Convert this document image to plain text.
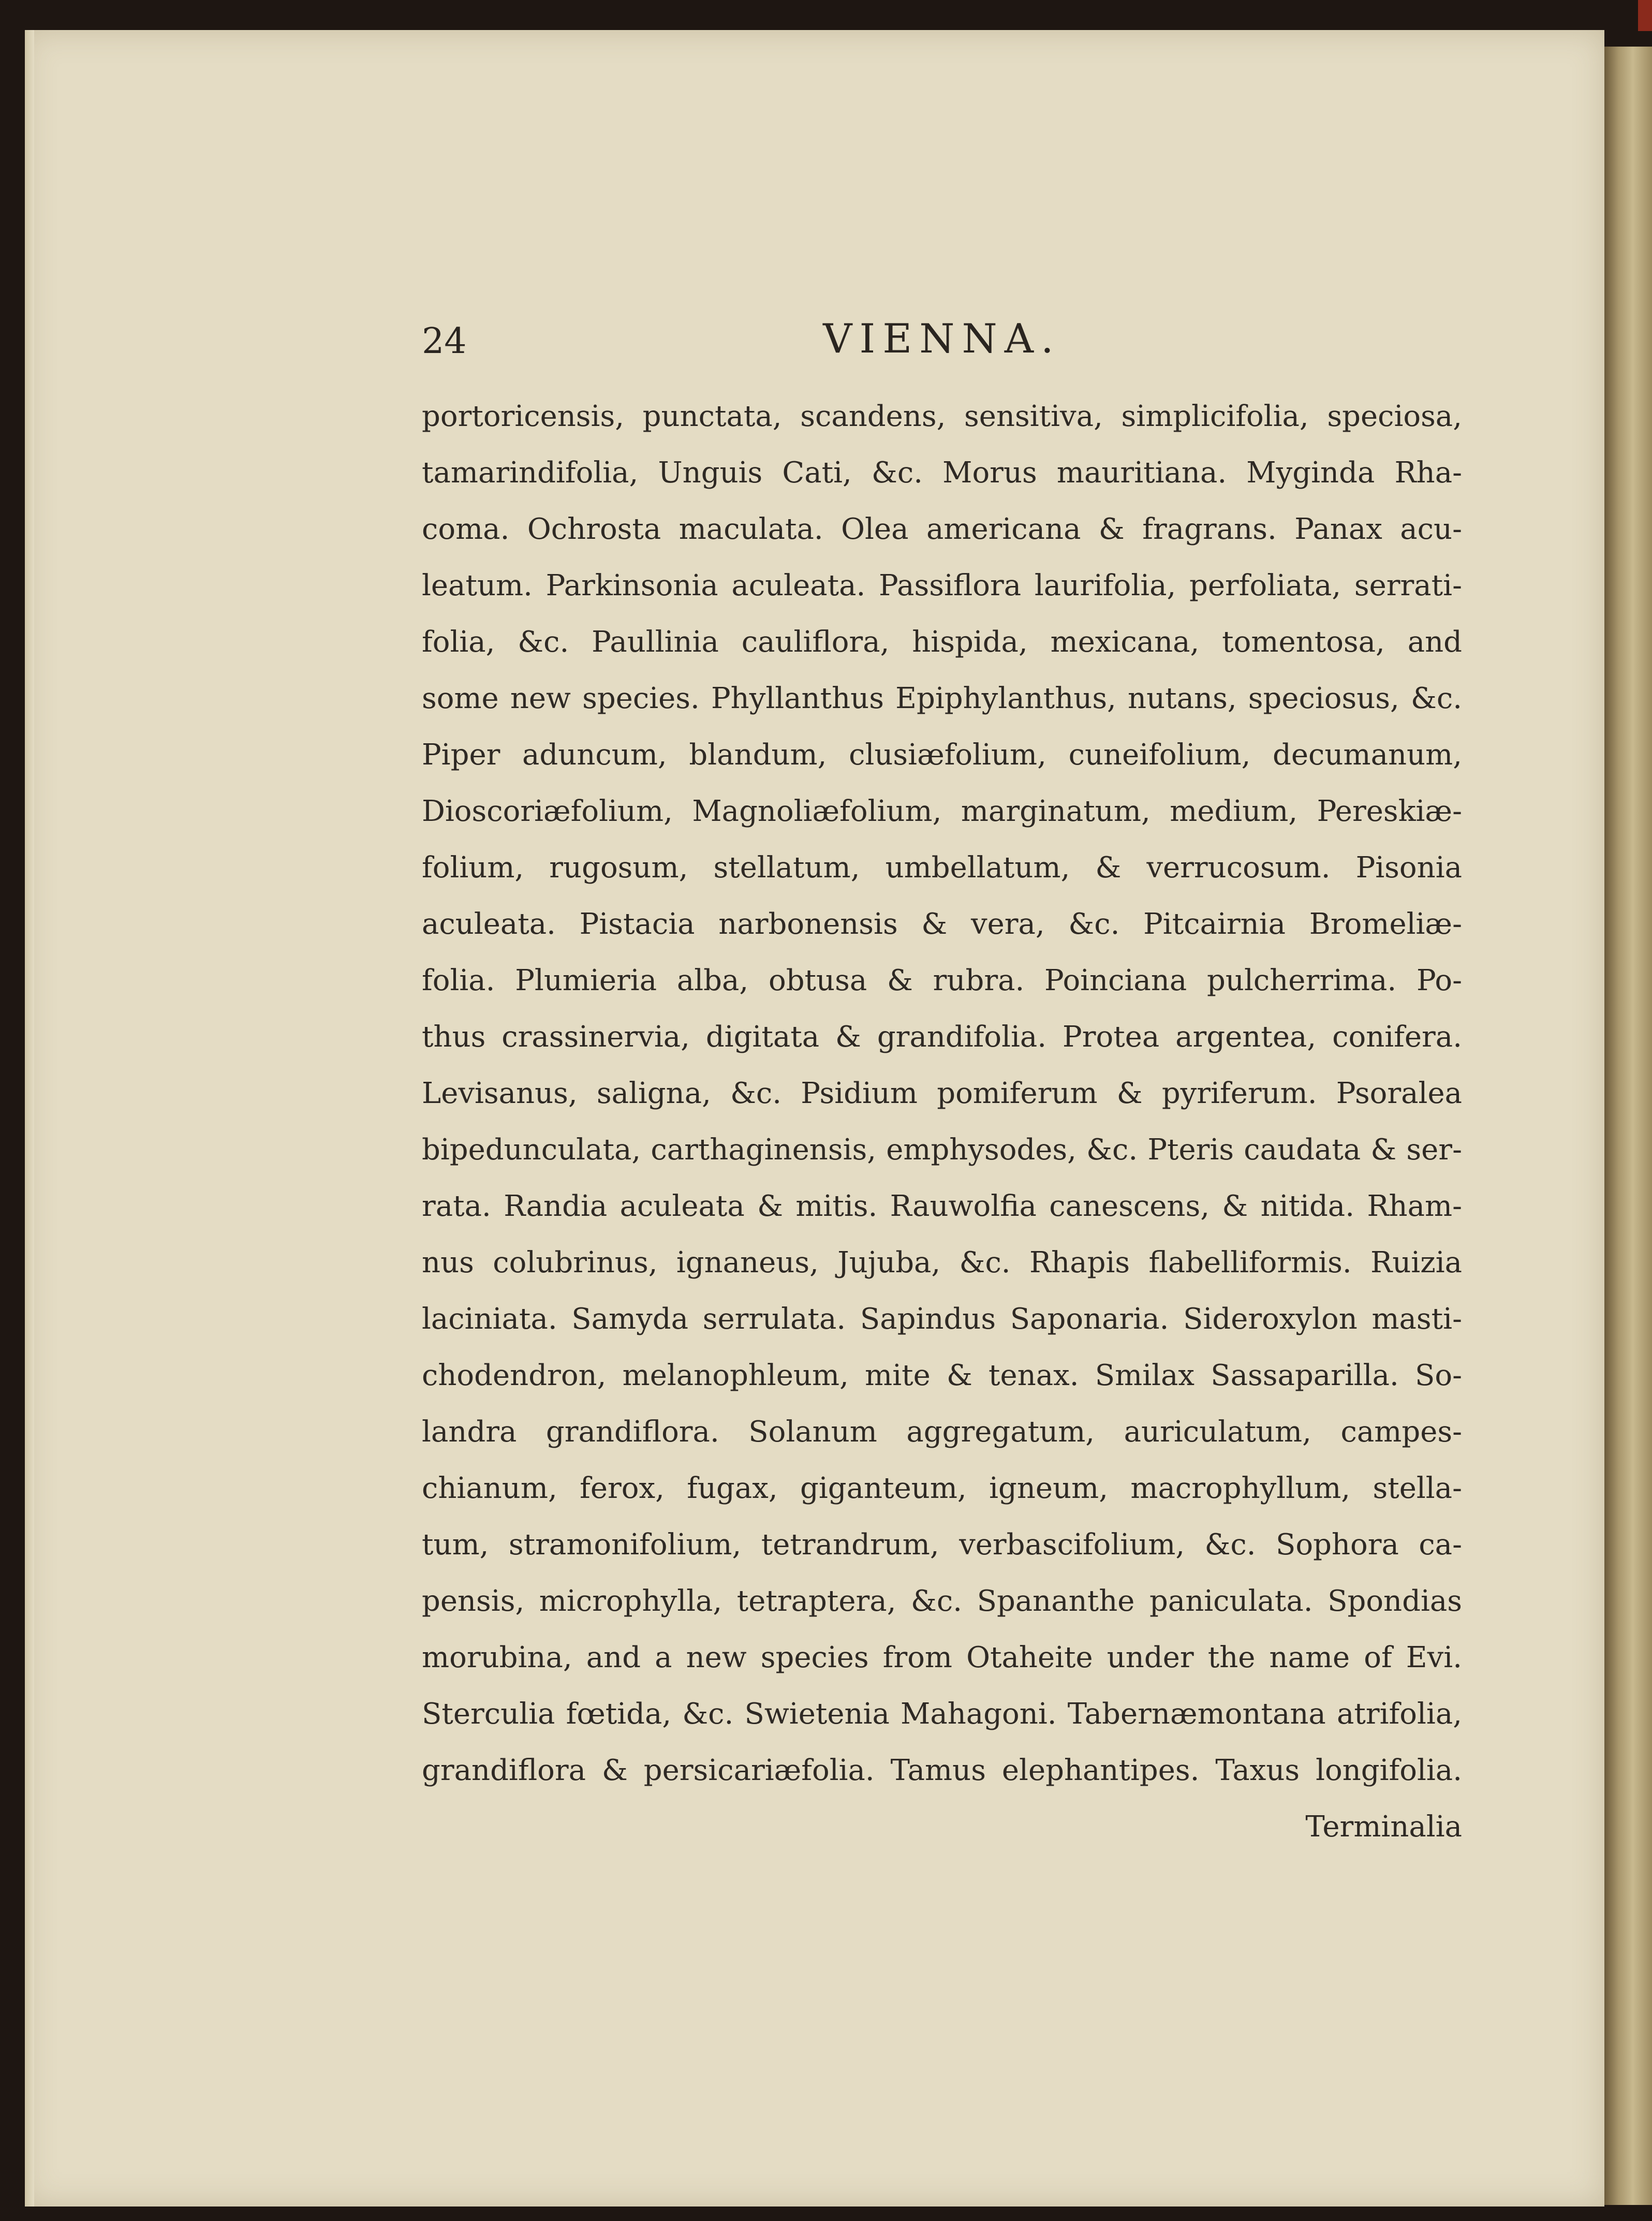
24	VIENNA.
portoricensis, punctata, scandens, sensitiva, simplicifolia, speciosa,
tamarindifolia, Unguis Cati, &c. Morus mauritiana. Myginda Rha-
coma. Ochrosta maculata. Olea americana & fragrans. Panax acu-
leatum. Parkinsonia aculeata. Passiflora laurifolia, perfoliata, serrati-
folia, &c. Paullinia cauliflora, hispida, mexicana, tomentosa, and
some new species. Phyllanthus Epiphylanthus, nutans, speciosus, &c.
Piper aduncum, blandum, clusiæfolium, cuneifolium, decumanum,
Dioscoriæfolium, Magnoliæfolium, marginatum, medium, Pereskiæ-
folium, rugosum, stellatum, umbellatum, & verrucosum. Pisonia
aculeata. Pistacia narbonensis & vera, &c. Pitcairnia Bromeliæ-
folia. Plumieria alba, obtusa & rubra. Poinciana pulcherrima. Po-
thus crassinervia, digitata & grandifolia. Protea argentea, conifera.
Levisanus, saligna, &c. Psidium pomiferum & pyriferum. Psoralea
bipedunculata, carthaginensis, emphysodes, &c. Pteris caudata & ser-
rata. Randia aculeata & mitis. Rauwolfia canescens, & nitida. Rham-
nus colubrinus, ignaneus, Jujuba, &c. Rhapis flabelliformis. Ruizia
laciniata. Samyda serrulata. Sapindus Saponaria. Sideroxylon masti-
chodendron, melanophleum, mite & tenax. Smilax Sassaparilla. So-
landra grandiflora. Solanum aggregatum, auriculatum, campes-
chianum, ferox, fugax, giganteum, igneum, macrophyllum, stella-
tum, stramonifolium, tetrandrum, verbascifolium, &c. Sophora ca-
pensis, microphylla, tetraptera, &c. Spananthe paniculata. Spondias
morubina, and a new species from Otaheite under the name of Evi.
Sterculia fœtida, &c. Swietenia Mahagoni. Tabernæmontana atrifolia,
grandiflora & persicariæfolia. Tamus elephantipes. Taxus longifolia.
Terminalia
